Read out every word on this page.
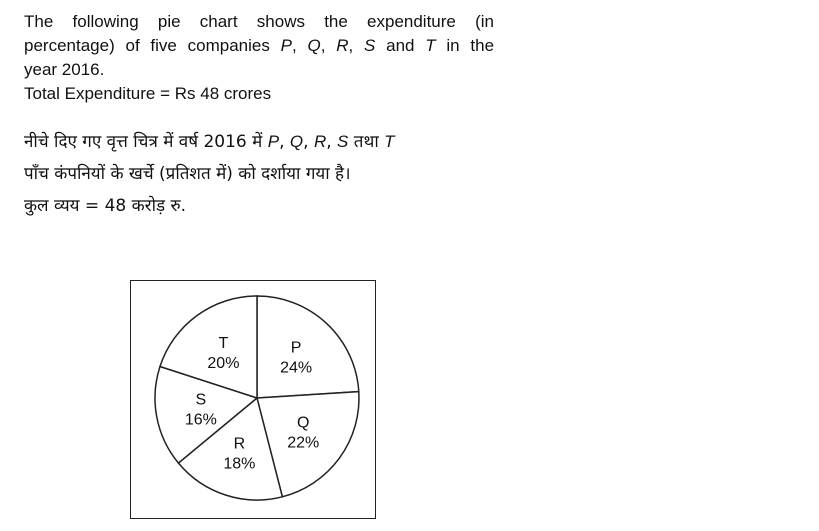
The following pie chart shows the expenditure (in
percentage) of five companies P, Q, R, S and T in the
year 2016.
Total Expenditure = Rs 48 crores
नीचे दिए गए वृत्त चित्र में वर्ष 2016 में P, Q, R, S तथा T
पाँच कंपनियों के खर्चे (प्रतिशत में) को दर्शाया गया है।
कुल व्यय = 48 करोड़ रु.
P
24%
Q
22%
R
18%
S
16%
T
20%
